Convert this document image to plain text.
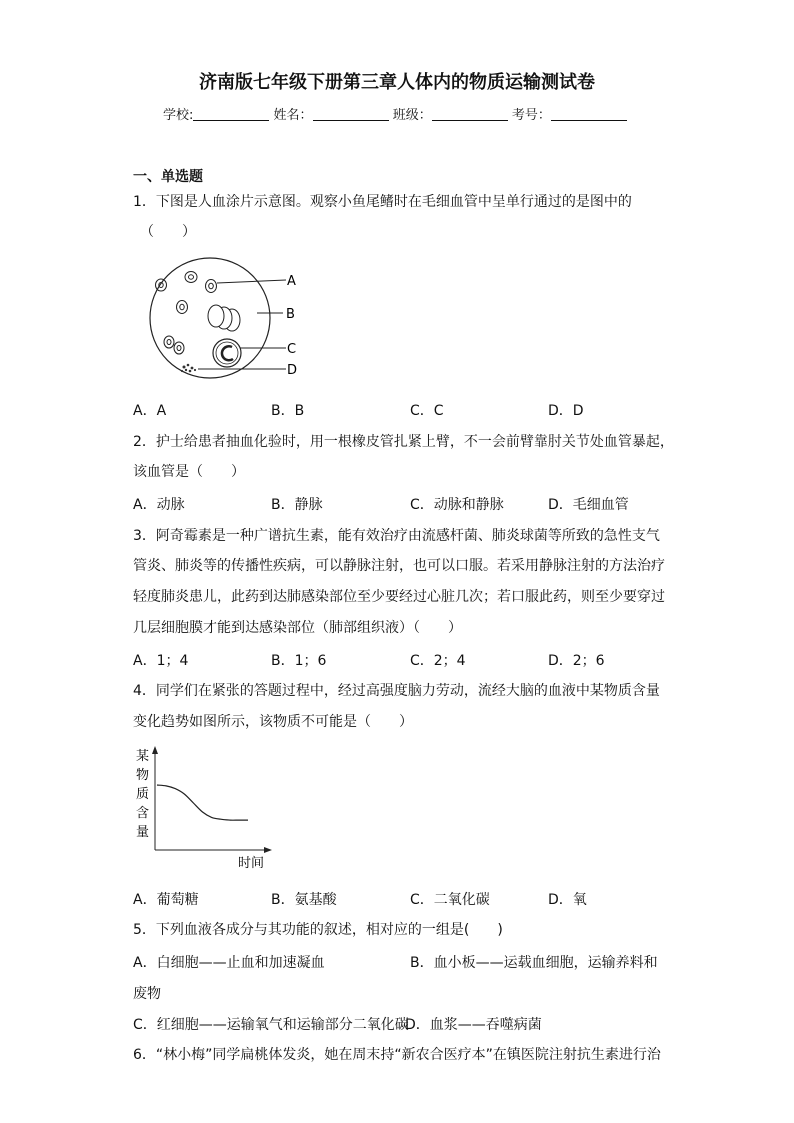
济南版七年级下册第三章人体内的物质运输测试卷
学校:	姓名：	班级：	考号：
一、单选题
1．下图是人血涂片示意图。观察小鱼尾鳍时在毛细血管中呈单行通过的是图中的
（　　）
A
B
C
D
A．A	B．B	C．C	D．D
2．护士给患者抽血化验时，用一根橡皮管扎紧上臂，不一会前臂靠肘关节处血管暴起，
该血管是（　　）
A．动脉	B．静脉	C．动脉和静脉	D．毛细血管
3．阿奇霉素是一种广谱抗生素，能有效治疗由流感杆菌、肺炎球菌等所致的急性支气
管炎、肺炎等的传播性疾病，可以静脉注射，也可以口服。若采用静脉注射的方法治疗
轻度肺炎患儿，此药到达肺感染部位至少要经过心脏几次；若口服此药，则至少要穿过
几层细胞膜才能到达感染部位（肺部组织液）（　　）
A．1；4	B．1；6	C．2；4	D．2；6
4．同学们在紧张的答题过程中，经过高强度脑力劳动，流经大脑的血液中某物质含量
变化趋势如图所示，该物质不可能是（　　）
某
物
质
含
量
时间
A．葡萄糖	B．氨基酸	C．二氧化碳	D．氧
5．下列血液各成分与其功能的叙述，相对应的一组是(　　)
A．白细胞——止血和加速凝血	B．血小板——运载血细胞，运输养料和
废物
C．红细胞——运输氧气和运输部分二氧化碳
D．血浆——吞噬病菌
6．“林小梅”同学扁桃体发炎，她在周末持“新农合医疗本”在镇医院注射抗生素进行治
